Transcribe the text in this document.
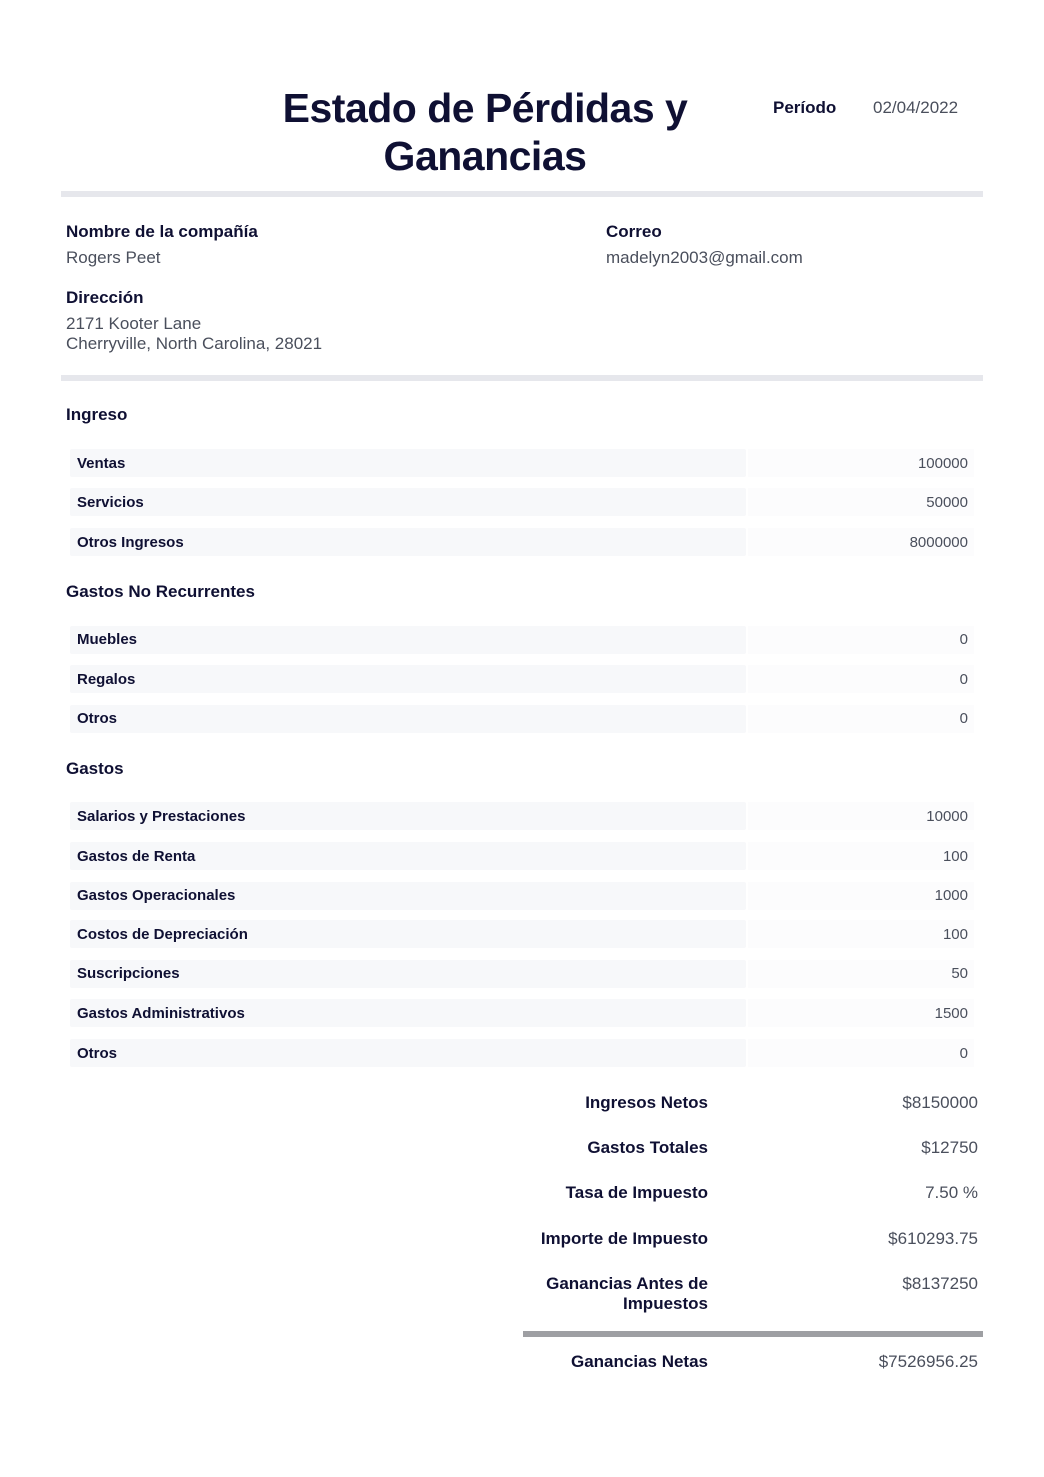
Estado de Pérdidas y
Ganancias
Período 02/04/2022
Nombre de la compañía
Rogers Peet
Correo
madelyn2003@gmail.com
Dirección
2171 Kooter Lane
Cherryville, North Carolina, 28021
Ingreso
Ventas	100000
Servicios	50000
Otros Ingresos	8000000
Gastos No Recurrentes
Muebles	0
Regalos	0
Otros	0
Gastos
Salarios y Prestaciones	10000
Gastos de Renta	100
Gastos Operacionales	1000
Costos de Depreciación	100
Suscripciones	50
Gastos Administrativos	1500
Otros	0
Ingresos Netos	$8150000
Gastos Totales	$12750
Tasa de Impuesto	7.50 %
Importe de Impuesto	$610293.75
Ganancias Antes de
Impuestos
$8137250
Ganancias Netas	$7526956.25
